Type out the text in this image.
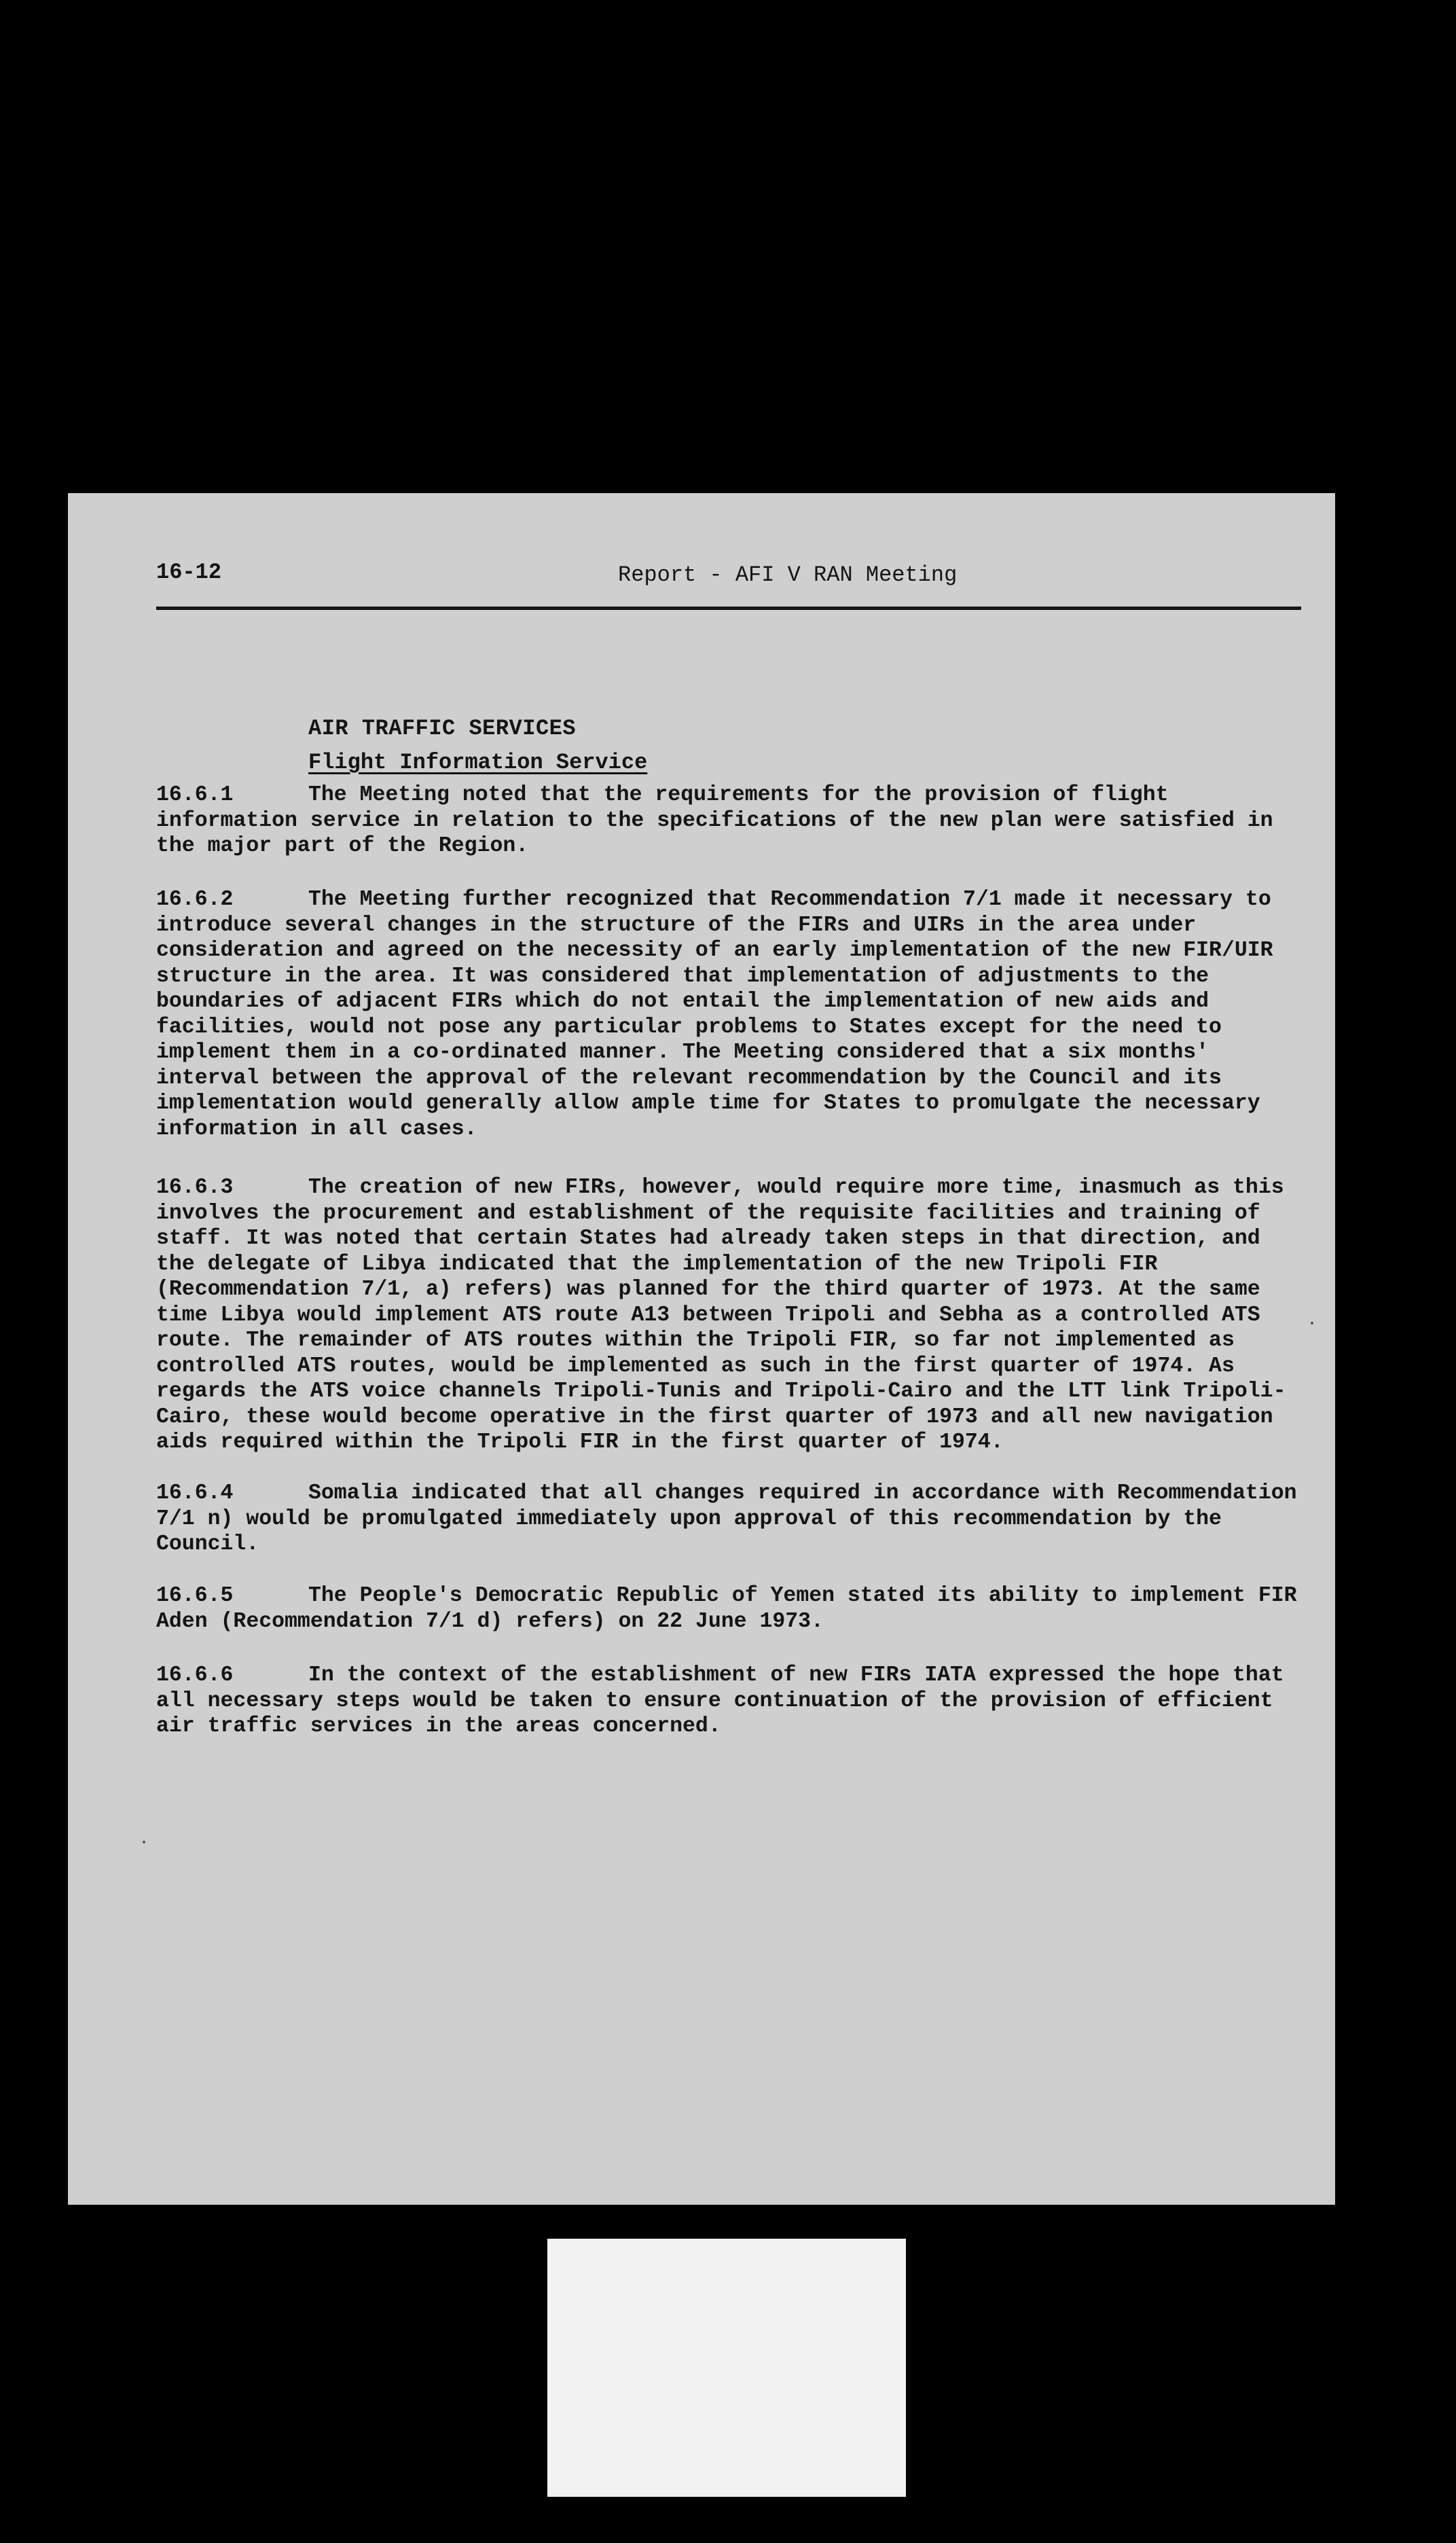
16-12	Report - AFI V RAN Meeting
AIR TRAFFIC SERVICES
Flight Information Service
16.6.1	The Meeting noted that the requirements for the provision of flight information service in relation to the specifications of the new plan were satisfied in the major part of the Region.
16.6.2	The Meeting further recognized that Recommendation 7/1 made it necessary to introduce several changes in the structure of the FIRs and UIRs in the area under consideration and agreed on the necessity of an early implementation of the new FIR/UIR structure in the area. It was considered that implementation of adjustments to the boundaries of adjacent FIRs which do not entail the implementation of new aids and facilities, would not pose any particular problems to States except for the need to implement them in a co-ordinated manner. The Meeting considered that a six months' interval between the approval of the relevant recommendation by the Council and its implementation would generally allow ample time for States to promulgate the necessary information in all cases.
16.6.3	The creation of new FIRs, however, would require more time, inasmuch as this involves the procurement and establishment of the requisite facilities and training of staff. It was noted that certain States had already taken steps in that direction, and the delegate of Libya indicated that the implementation of the new Tripoli FIR (Recommendation 7/1, a) refers) was planned for the third quarter of 1973. At the same time Libya would implement ATS route A13 between Tripoli and Sebha as a controlled ATS route. The remainder of ATS routes within the Tripoli FIR, so far not implemented as controlled ATS routes, would be implemented as such in the first quarter of 1974. As regards the ATS voice channels Tripoli-Tunis and Tripoli-Cairo and the LTT link Tripoli-Cairo, these would become operative in the first quarter of 1973 and all new navigation aids required within the Tripoli FIR in the first quarter of 1974.
16.6.4	Somalia indicated that all changes required in accordance with Recommendation 7/1 n) would be promulgated immediately upon approval of this recommendation by the Council.
16.6.5	The People's Democratic Republic of Yemen stated its ability to implement FIR Aden (Recommendation 7/1 d) refers) on 22 June 1973.
16.6.6	In the context of the establishment of new FIRs IATA expressed the hope that all necessary steps would be taken to ensure continuation of the provision of efficient air traffic services in the areas concerned.
